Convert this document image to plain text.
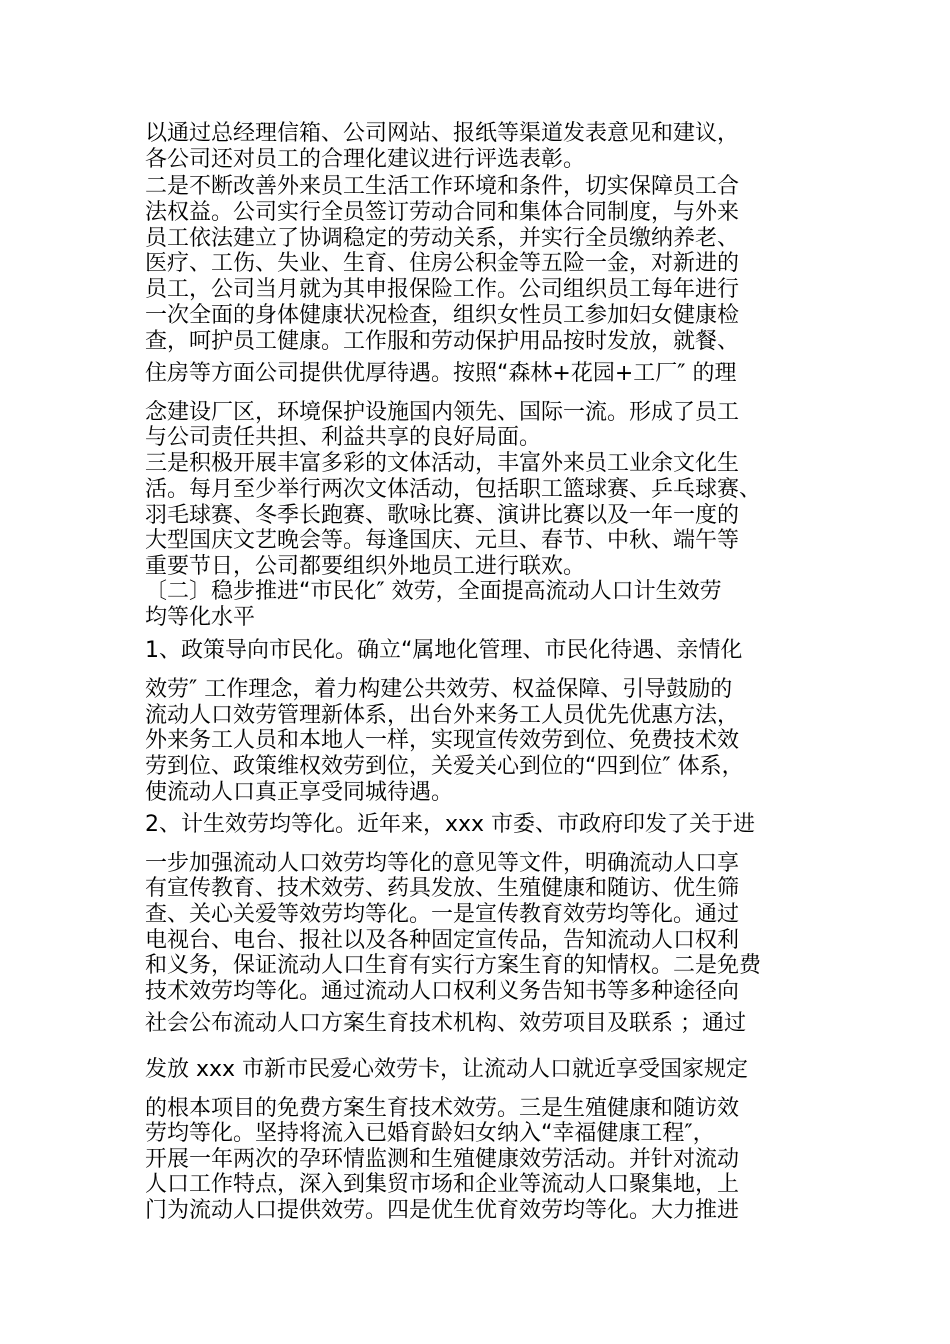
以通过总经理信箱、公司网站、报纸等渠道发表意见和建议，
各公司还对员工的合理化建议进行评选表彰。
二是不断改善外来员工生活工作环境和条件，切实保障员工合
法权益。公司实行全员签订劳动合同和集体合同制度，与外来
员工依法建立了协调稳定的劳动关系，并实行全员缴纳养老、
医疗、工伤、失业、生育、住房公积金等五险一金，对新进的
员工，公司当月就为其申报保险工作。公司组织员工每年进行
一次全面的身体健康状况检查，组织女性员工参加妇女健康检
查，呵护员工健康。工作服和劳动保护用品按时发放，就餐、
住房等方面公司提供优厚待遇。按照“森林+花园+工厂″ 的理
念建设厂区，环境保护设施国内领先、国际一流。形成了员工
与公司责任共担、利益共享的良好局面。
三是积极开展丰富多彩的文体活动，丰富外来员工业余文化生
活。每月至少举行两次文体活动，包括职工篮球赛、乒乓球赛、
羽毛球赛、冬季长跑赛、歌咏比赛、演讲比赛以及一年一度的
大型国庆文艺晚会等。每逢国庆、元旦、春节、中秋、端午等
重要节日，公司都要组织外地员工进行联欢。
〔二〕稳步推进“市民化″ 效劳，全面提高流动人口计生效劳
均等化水平
1、政策导向市民化。确立“属地化管理、市民化待遇、亲情化
效劳″ 工作理念，着力构建公共效劳、权益保障、引导鼓励的
流动人口效劳管理新体系，出台外来务工人员优先优惠方法，
外来务工人员和本地人一样，实现宣传效劳到位、免费技术效
劳到位、政策维权效劳到位，关爱关心到位的“四到位″ 体系，
使流动人口真正享受同城待遇。
2、计生效劳均等化。近年来，xxx 市委、市政府印发了关于进
一步加强流动人口效劳均等化的意见等文件，明确流动人口享
有宣传教育、技术效劳、药具发放、生殖健康和随访、优生筛
查、关心关爱等效劳均等化。一是宣传教育效劳均等化。通过
电视台、电台、报社以及各种固定宣传品，告知流动人口权利
和义务，保证流动人口生育有实行方案生育的知情权。二是免费
技术效劳均等化。通过流动人口权利义务告知书等多种途径向
社会公布流动人口方案生育技术机构、效劳项目及联系 ；通过
发放 xxx 市新市民爱心效劳卡，让流动人口就近享受国家规定
的根本项目的免费方案生育技术效劳。三是生殖健康和随访效
劳均等化。坚持将流入已婚育龄妇女纳入“幸福健康工程″，
开展一年两次的孕环情监测和生殖健康效劳活动。并针对流动
人口工作特点，深入到集贸市场和企业等流动人口聚集地，上
门为流动人口提供效劳。四是优生优育效劳均等化。大力推进
